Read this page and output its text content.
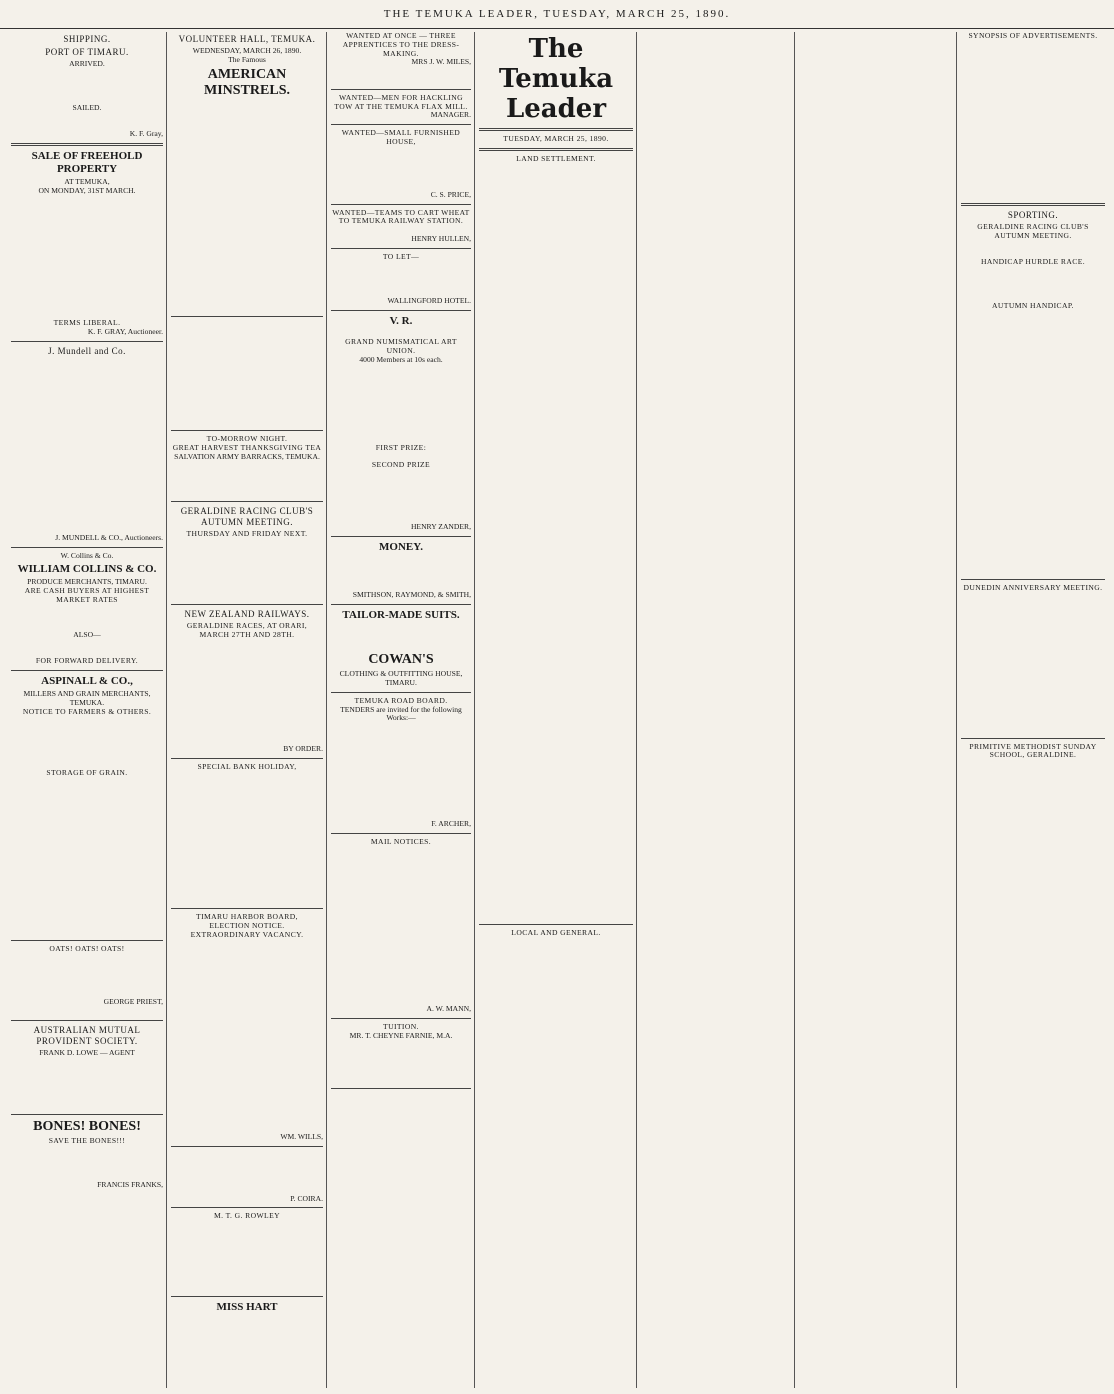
THE TEMUKA LEADER, TUESDAY, MARCH 25, 1890.
SHIPPING.
PORT OF TIMARU.
ARRIVED.

SAILED.

K. F. Gray,
SALE OF FREEHOLD PROPERTY
AT TEMUKA,
ON MONDAY, 31ST MARCH.

TERMS LIBERAL.
K. F. GRAY, Auctioneer.
J. Mundell and Co.

J. MUNDELL & CO., Auctioneers.
W. Collins & Co.
WILLIAM COLLINS & CO.
PRODUCE MERCHANTS, TIMARU.
ARE CASH BUYERS AT HIGHEST MARKET RATES

ALSO—

FOR FORWARD DELIVERY.
ASPINALL & CO.,
MILLERS AND GRAIN MERCHANTS, TEMUKA.
NOTICE TO FARMERS & OTHERS.

STORAGE OF GRAIN.

OATS! OATS! OATS!

GEORGE PRIEST,

AUSTRALIAN MUTUAL PROVIDENT SOCIETY.
FRANK D. LOWE — AGENT

BONES! BONES!
SAVE THE BONES!!!

FRANCIS FRANKS,
VOLUNTEER HALL, TEMUKA.
WEDNESDAY, MARCH 26, 1890.
The Famous
AMERICAN MINSTRELS.

TO-MORROW NIGHT.
GREAT HARVEST THANKSGIVING TEA
SALVATION ARMY BARRACKS, TEMUKA.

GERALDINE RACING CLUB'S AUTUMN MEETING.
THURSDAY AND FRIDAY NEXT.

NEW ZEALAND RAILWAYS.
GERALDINE RACES, AT ORARI, MARCH 27TH AND 28TH.

BY ORDER.
SPECIAL BANK HOLIDAY,

TIMARU HARBOR BOARD,
ELECTION NOTICE.
EXTRAORDINARY VACANCY.

WM. WILLS,

P. COIRA.
M. T. G. ROWLEY

MISS HART

WANTED AT ONCE — THREE APPRENTICES TO THE DRESS-MAKING.
MRS J. W. MILES,

WANTED—MEN FOR HACKLING TOW AT THE TEMUKA FLAX MILL.
MANAGER.
WANTED—SMALL FURNISHED HOUSE,

C. S. PRICE,
WANTED—TEAMS TO CART WHEAT TO TEMUKA RAILWAY STATION.

HENRY HULLEN,
TO LET—

WALLINGFORD HOTEL.
V. R.

GRAND NUMISMATICAL ART UNION.
4000 Members at 10s each.

FIRST PRIZE:

SECOND PRIZE

HENRY ZANDER,
MONEY.

SMITHSON, RAYMOND, & SMITH,
TAILOR-MADE SUITS.

COWAN'S
CLOTHING & OUTFITTING HOUSE, TIMARU.
TEMUKA ROAD BOARD.
TENDERS are invited for the following Works:—

F. ARCHER,
MAIL NOTICES.

A. W. MANN,
TUITION.
MR. T. CHEYNE FARNIE, M.A.

The Temuka Leader
TUESDAY, MARCH 25, 1890.
LAND SETTLEMENT.

LOCAL AND GENERAL.

SYNOPSIS OF ADVERTISEMENTS.

SPORTING.
GERALDINE RACING CLUB'S AUTUMN MEETING.

HANDICAP HURDLE RACE.

AUTUMN HANDICAP.

DUNEDIN ANNIVERSARY MEETING.

PRIMITIVE METHODIST SUNDAY SCHOOL, GERALDINE.
